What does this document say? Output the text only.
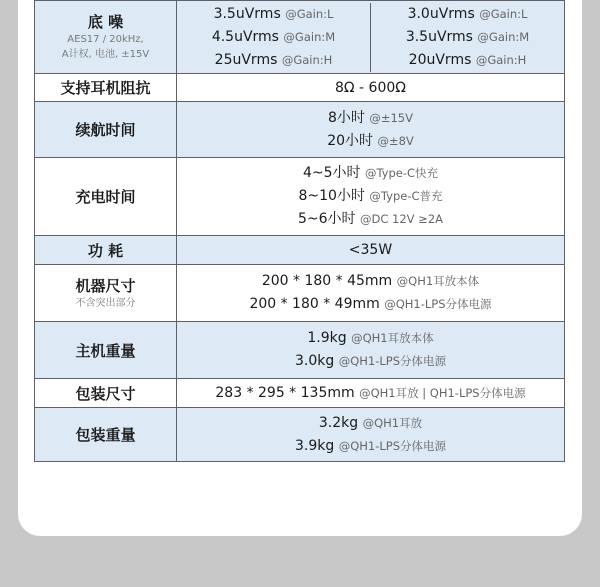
底 噪
AES17 / 20kHz,
A计权, 电池, ±15V

3.5uVrms @Gain:L
4.5uVrms @Gain:M
25uVrms @Gain:H

3.0uVrms @Gain:L
3.5uVrms @Gain:M
20uVrms @Gain:H

支持耳机阻抗	8Ω - 600Ω
续航时间	
8小时 @±15V
20小时 @±8V

充电时间	
4~5小时 @Type-C快充
8~10小时 @Type-C普充
5~6小时 @DC 12V ≥2A

功 耗	<35W

机器尺寸
不含突出部分

200 * 180 * 45mm @QH1耳放本体
200 * 180 * 49mm @QH1-LPS分体电源

主机重量	
1.9kg @QH1耳放本体
3.0kg @QH1-LPS分体电源

包装尺寸	283 * 295 * 135mm @QH1耳放 | QH1-LPS分体电源
包装重量	
3.2kg @QH1耳放
3.9kg @QH1-LPS分体电源
